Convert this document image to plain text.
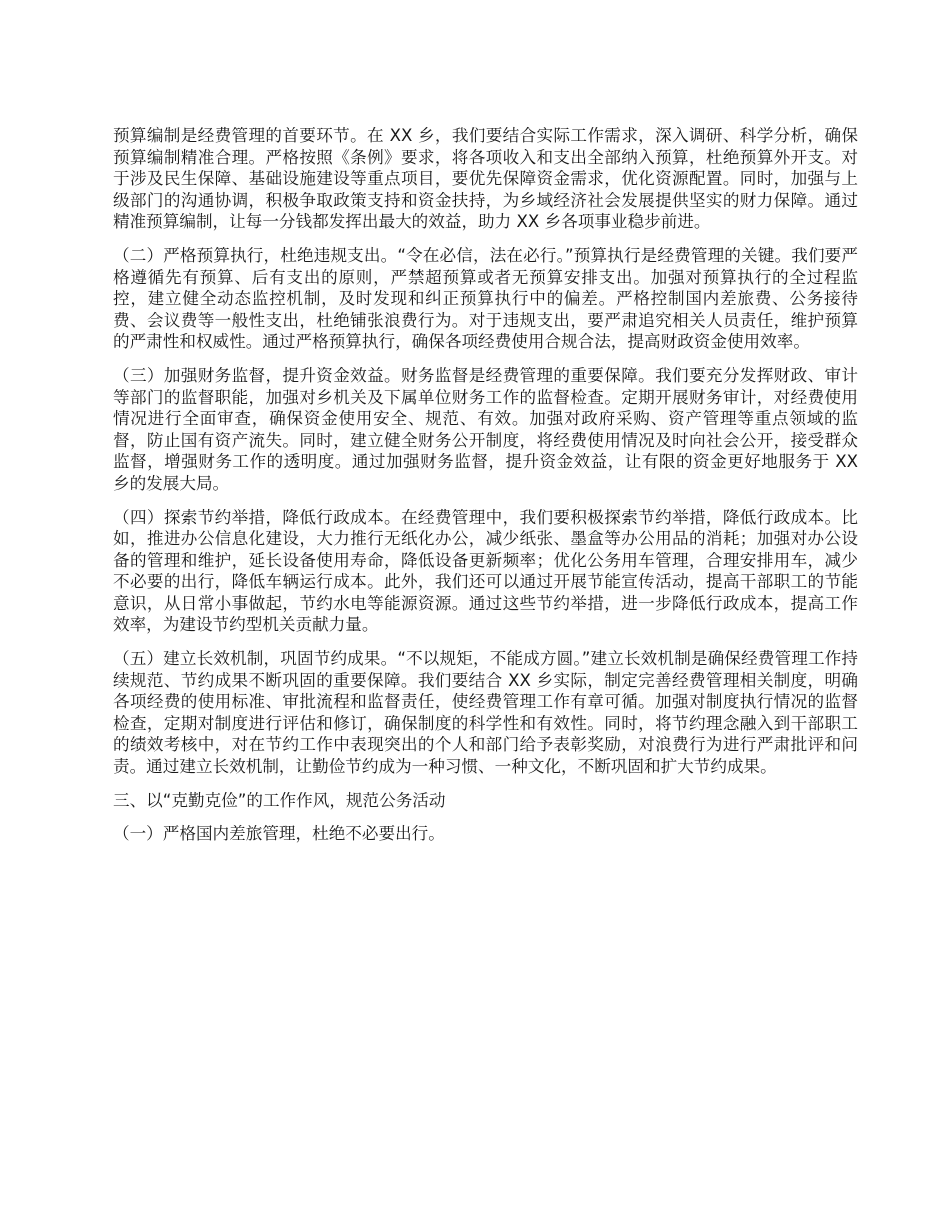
预算编制是经费管理的首要环节。在 XX 乡，我们要结合实际工作需求，深入调研、科学分析，确保预算编制精准合理。严格按照《条例》要求，将各项收入和支出全部纳入预算，杜绝预算外开支。对于涉及民生保障、基础设施建设等重点项目，要优先保障资金需求，优化资源配置。同时，加强与上级部门的沟通协调，积极争取政策支持和资金扶持，为乡域经济社会发展提供坚实的财力保障。通过精准预算编制，让每一分钱都发挥出最大的效益，助力 XX 乡各项事业稳步前进。

（二）严格预算执行，杜绝违规支出。“令在必信，法在必行。”预算执行是经费管理的关键。我们要严格遵循先有预算、后有支出的原则，严禁超预算或者无预算安排支出。加强对预算执行的全过程监控，建立健全动态监控机制，及时发现和纠正预算执行中的偏差。严格控制国内差旅费、公务接待费、会议费等一般性支出，杜绝铺张浪费行为。对于违规支出，要严肃追究相关人员责任，维护预算的严肃性和权威性。通过严格预算执行，确保各项经费使用合规合法，提高财政资金使用效率。

（三）加强财务监督，提升资金效益。财务监督是经费管理的重要保障。我们要充分发挥财政、审计等部门的监督职能，加强对乡机关及下属单位财务工作的监督检查。定期开展财务审计，对经费使用情况进行全面审查，确保资金使用安全、规范、有效。加强对政府采购、资产管理等重点领域的监督，防止国有资产流失。同时，建立健全财务公开制度，将经费使用情况及时向社会公开，接受群众监督，增强财务工作的透明度。通过加强财务监督，提升资金效益，让有限的资金更好地服务于 XX 乡的发展大局。

（四）探索节约举措，降低行政成本。在经费管理中，我们要积极探索节约举措，降低行政成本。比如，推进办公信息化建设，大力推行无纸化办公，减少纸张、墨盒等办公用品的消耗；加强对办公设备的管理和维护，延长设备使用寿命，降低设备更新频率；优化公务用车管理，合理安排用车，减少不必要的出行，降低车辆运行成本。此外，我们还可以通过开展节能宣传活动，提高干部职工的节能意识，从日常小事做起，节约水电等能源资源。通过这些节约举措，进一步降低行政成本，提高工作效率，为建设节约型机关贡献力量。

（五）建立长效机制，巩固节约成果。“不以规矩，不能成方圆。”建立长效机制是确保经费管理工作持续规范、节约成果不断巩固的重要保障。我们要结合 XX 乡实际，制定完善经费管理相关制度，明确各项经费的使用标准、审批流程和监督责任，使经费管理工作有章可循。加强对制度执行情况的监督检查，定期对制度进行评估和修订，确保制度的科学性和有效性。同时，将节约理念融入到干部职工的绩效考核中，对在节约工作中表现突出的个人和部门给予表彰奖励，对浪费行为进行严肃批评和问责。通过建立长效机制，让勤俭节约成为一种习惯、一种文化，不断巩固和扩大节约成果。

三、以“克勤克俭”的工作作风，规范公务活动

（一）严格国内差旅管理，杜绝不必要出行。
